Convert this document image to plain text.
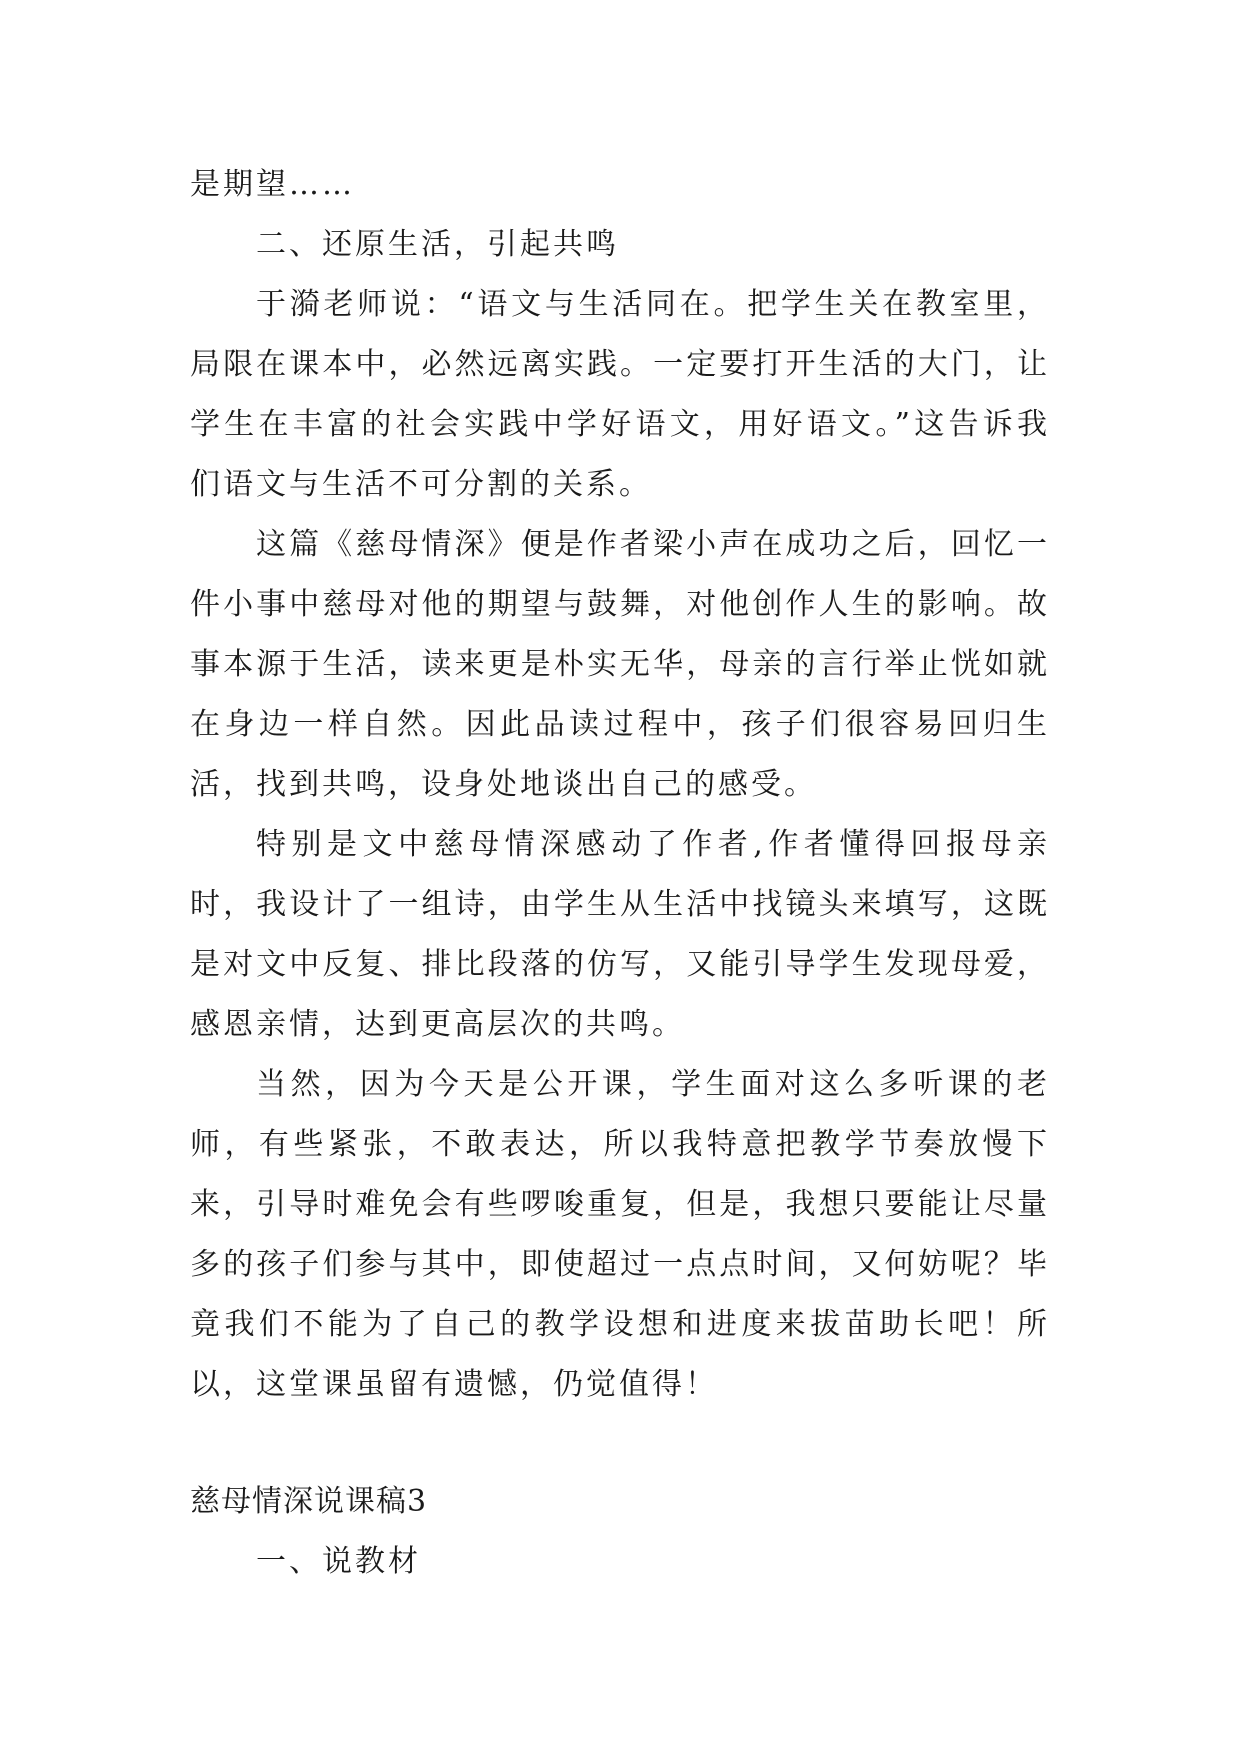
是期望……

二、还原生活，引起共鸣

于漪老师说：“语文与生活同在。把学生关在教室里，局限在课本中，必然远离实践。一定要打开生活的大门，让学生在丰富的社会实践中学好语文，用好语文。”这告诉我们语文与生活不可分割的关系。

这篇《慈母情深》便是作者梁小声在成功之后，回忆一件小事中慈母对他的期望与鼓舞，对他创作人生的影响。故事本源于生活，读来更是朴实无华，母亲的言行举止恍如就在身边一样自然。因此品读过程中，孩子们很容易回归生活，找到共鸣，设身处地谈出自己的感受。

特别是文中慈母情深感动了作者,作者懂得回报母亲时，我设计了一组诗，由学生从生活中找镜头来填写，这既是对文中反复、排比段落的仿写，又能引导学生发现母爱，感恩亲情，达到更高层次的共鸣。

当然，因为今天是公开课，学生面对这么多听课的老师，有些紧张，不敢表达，所以我特意把教学节奏放慢下来，引导时难免会有些啰唆重复，但是，我想只要能让尽量多的孩子们参与其中，即使超过一点点时间，又何妨呢？毕竟我们不能为了自己的教学设想和进度来拔苗助长吧！所以，这堂课虽留有遗憾，仍觉值得！

慈母情深说课稿3

一、说教材
